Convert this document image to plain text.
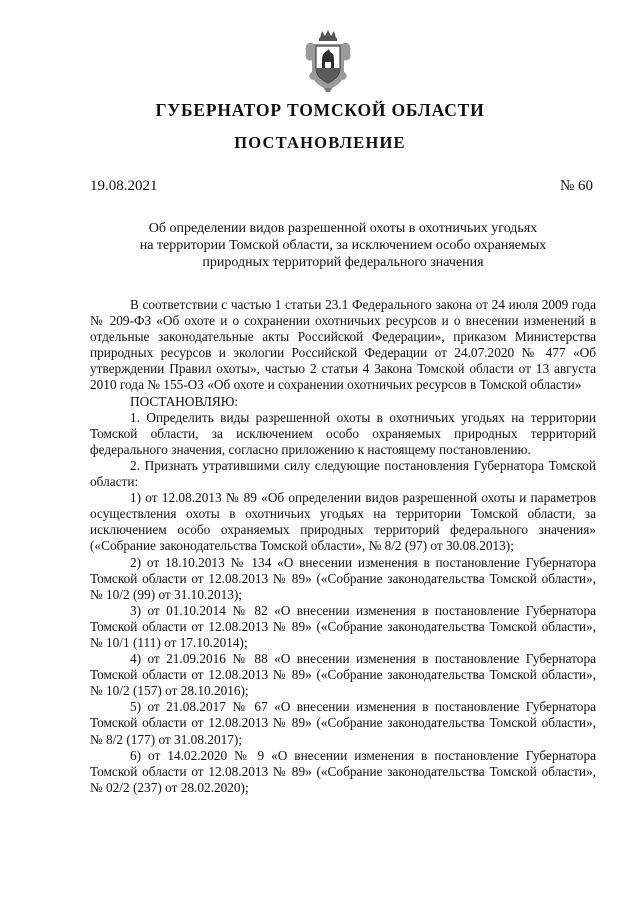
ГУБЕРНАТОР ТОМСКОЙ ОБЛАСТИ
ПОСТАНОВЛЕНИЕ
19.08.2021	№ 60
Об определении видов разрешенной охоты в охотничьих угодьях
на территории Томской области, за исключением особо охраняемых
природных территорий федерального значения

В соответствии с частью 1 статьи 23.1 Федерального закона от 24 июля 2009 года № 209-ФЗ «Об охоте и о сохранении охотничьих ресурсов и о внесении изменений в отдельные законодательные акты Российской Федерации», приказом Министерства природных ресурсов и экологии Российской Федерации от 24.07.2020 № 477 «Об утверждении Правил охоты», частью 2 статьи 4 Закона Томской области от 13 августа 2010 года № 155-ОЗ «Об охоте и сохранении охотничьих ресурсов в Томской области»

ПОСТАНОВЛЯЮ:

1. Определить виды разрешенной охоты в охотничьих угодьях на территории Томской области, за исключением особо охраняемых природных территорий федерального значения, согласно приложению к настоящему постановлению.

2. Признать утратившими силу следующие постановления Губернатора Томской области:

1) от 12.08.2013 № 89 «Об определении видов разрешенной охоты и параметров осуществления охоты в охотничьих угодьях на территории Томской области, за исключением особо охраняемых природных территорий федерального значения» («Собрание законодательства Томской области», № 8/2 (97) от 30.08.2013);

2) от 18.10.2013 № 134 «О внесении изменения в постановление Губернатора Томской области от 12.08.2013 № 89» («Собрание законодательства Томской области», № 10/2 (99) от 31.10.2013);

3) от 01.10.2014 № 82 «О внесении изменения в постановление Губернатора Томской области от 12.08.2013 № 89» («Собрание законодательства Томской области», № 10/1 (111) от 17.10.2014);

4) от 21.09.2016 № 88 «О внесении изменения в постановление Губернатора Томской области от 12.08.2013 № 89» («Собрание законодательства Томской области», № 10/2 (157) от 28.10.2016);

5) от 21.08.2017 № 67 «О внесении изменения в постановление Губернатора Томской области от 12.08.2013 № 89» («Собрание законодательства Томской области», № 8/2 (177) от 31.08.2017);

6) от 14.02.2020 № 9 «О внесении изменения в постановление Губернатора Томской области от 12.08.2013 № 89» («Собрание законодательства Томской области», № 02/2 (237) от 28.02.2020);
